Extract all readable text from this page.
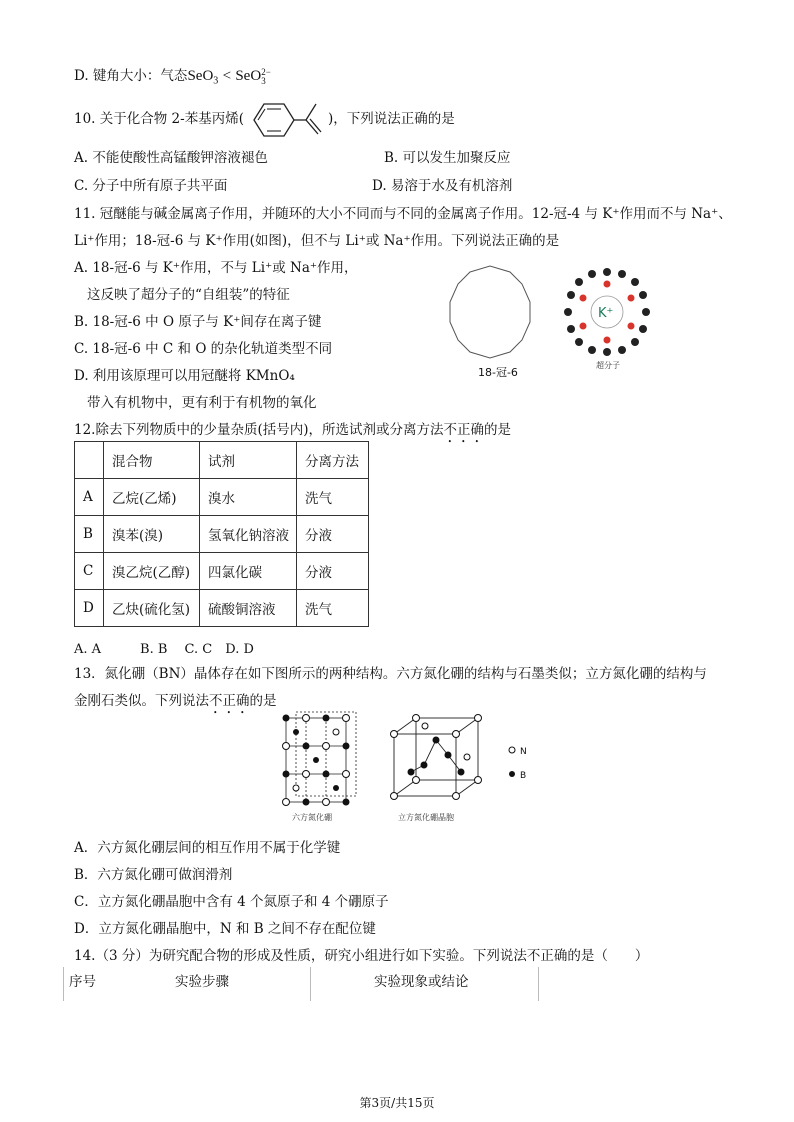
D. 键角大小：气态SeO$_3$ < SeO 2−
3
10. 关于化合物 2-苯基丙烯(	)，下列说法正确的是
A. 不能使酸性高锰酸钾溶液褪色	B. 可以发生加聚反应
C. 分子中所有原子共平面	D. 易溶于水及有机溶剂
11. 冠醚能与碱金属离子作用，并随环的大小不同而与不同的金属离子作用。12-冠-4 与 K⁺作用而不与 Na⁺、
Li⁺作用；18-冠-6 与 K⁺作用(如图)，但不与 Li⁺或 Na⁺作用。下列说法正确的是
A. 18-冠-6 与 K⁺作用，不与 Li⁺或 Na⁺作用，
这反映了超分子的“自组装”的特征
B. 18-冠-6 中 O 原子与 K⁺间存在离子键
C. 18-冠-6 中 C 和 O 的杂化轨道类型不同
D. 利用该原理可以用冠醚将 KMnO₄
带入有机物中，更有利于有机物的氧化
18-冠-6
K⁺
超分子
12.除去下列物质中的少量杂质(括号内)，所选试剂或分离方法不正确的是
	混合物	试剂	分离方法
A	乙烷(乙烯)	溴水	洗气
B	溴苯(溴)	氢氧化钠溶液	分液
C	溴乙烷(乙醇)	四氯化碳	分液
D	乙炔(硫化氢)	硫酸铜溶液	洗气
A. A　　　B. B　 C. C　D. D
13．氮化硼（BN）晶体存在如下图所示的两种结构。六方氮化硼的结构与石墨类似；立方氮化硼的结构与
金刚石类似。下列说法不正确的是
六方氮化硼	立方氮化硼晶胞
N
B
A．六方氮化硼层间的相互作用不属于化学键
B．六方氮化硼可做润滑剂
C．立方氮化硼晶胞中含有 4 个氮原子和 4 个硼原子
D．立方氮化硼晶胞中，N 和 B 之间不存在配位键
14.（3 分）为研究配合物的形成及性质，研究小组进行如下实验。下列说法不正确的是（　　）
序号	实验步骤	实验现象或结论
第3页/共15页
